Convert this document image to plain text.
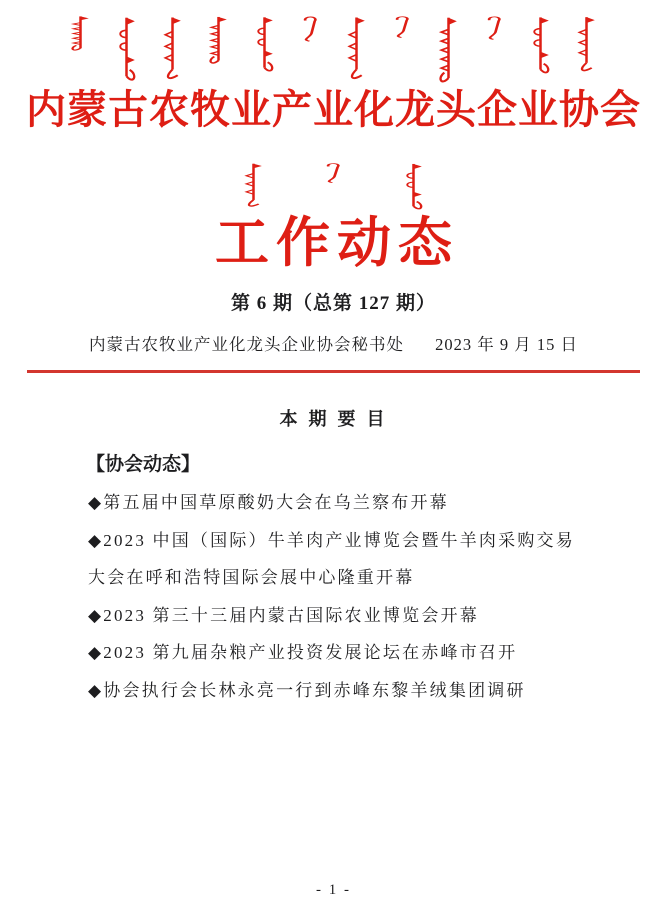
内蒙古农牧业产业化龙头企业协会
工作动态
第 6 期（总第 127 期）
内蒙古农牧业产业化龙头企业协会秘书处 2023 年 9 月 15 日
本 期 要 目
【协会动态】
◆第五届中国草原酸奶大会在乌兰察布开幕
◆2023 中国（国际）牛羊肉产业博览会暨牛羊肉采购交易大会在呼和浩特国际会展中心隆重开幕
◆2023 第三十三届内蒙古国际农业博览会开幕
◆2023 第九届杂粮产业投资发展论坛在赤峰市召开
◆协会执行会长林永亮一行到赤峰东黎羊绒集团调研
- 1 -
